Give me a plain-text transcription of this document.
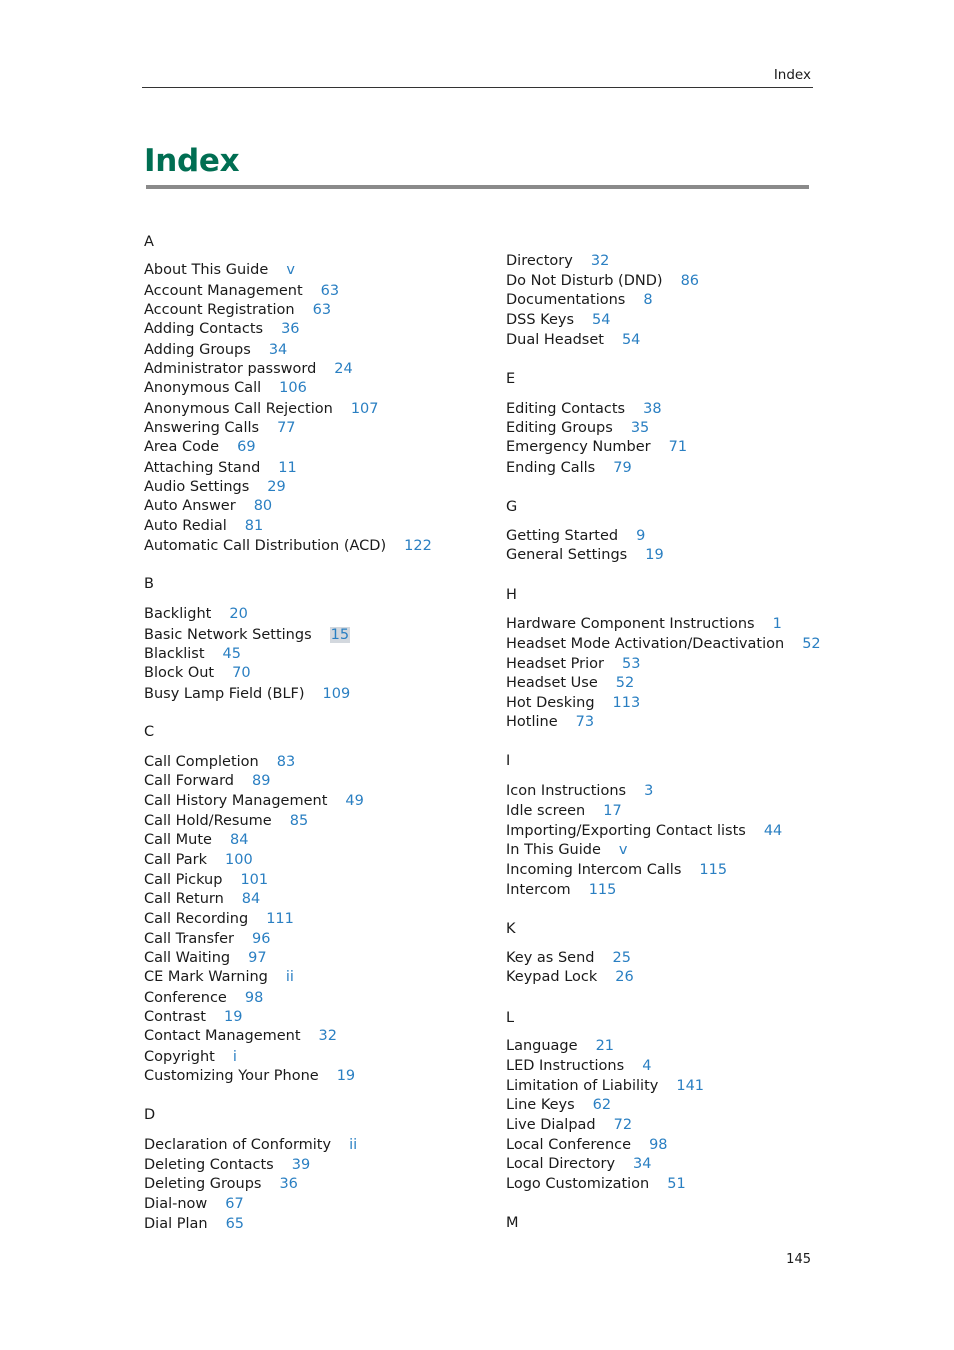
Index
Index
A
About This Guide v
Account Management 63
Account Registration 63
Adding Contacts 36
Adding Groups 34
Administrator password 24
Anonymous Call 106
Anonymous Call Rejection 107
Answering Calls 77
Area Code 69
Attaching Stand 11
Audio Settings 29
Auto Answer 80
Auto Redial 81
Automatic Call Distribution (ACD) 122
B
Backlight 20
Basic Network Settings 15
Blacklist 45
Block Out 70
Busy Lamp Field (BLF) 109
C
Call Completion 83
Call Forward 89
Call History Management 49
Call Hold/Resume 85
Call Mute 84
Call Park 100
Call Pickup 101
Call Return 84
Call Recording 111
Call Transfer 96
Call Waiting 97
CE Mark Warning ii
Conference 98
Contrast 19
Contact Management 32
Copyright i
Customizing Your Phone 19
D
Declaration of Conformity ii
Deleting Contacts 39
Deleting Groups 36
Dial-now 67
Dial Plan 65
Directory 32
Do Not Disturb (DND) 86
Documentations 8
DSS Keys 54
Dual Headset 54
E
Editing Contacts 38
Editing Groups 35
Emergency Number 71
Ending Calls 79
G
Getting Started 9
General Settings 19
H
Hardware Component Instructions 1
Headset Mode Activation/Deactivation 52
Headset Prior 53
Headset Use 52
Hot Desking 113
Hotline 73
I
Icon Instructions 3
Idle screen 17
Importing/Exporting Contact lists 44
In This Guide v
Incoming Intercom Calls 115
Intercom 115
K
Key as Send 25
Keypad Lock 26
L
Language 21
LED Instructions 4
Limitation of Liability 141
Line Keys 62
Live Dialpad 72
Local Conference 98
Local Directory 34
Logo Customization 51
M
145
